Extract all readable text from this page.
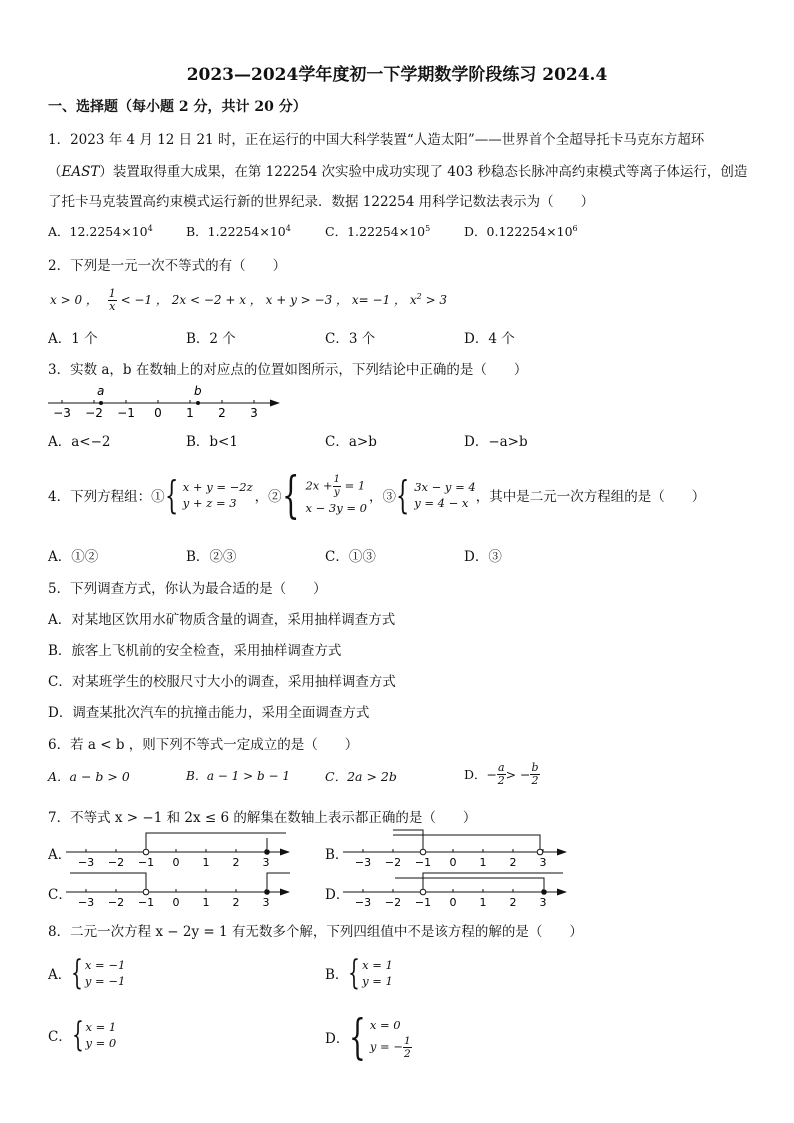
2023—2024学年度初一下学期数学阶段练习 2024.4
一、选择题（每小题 2 分，共计 20 分）
1．2023 年 4 月 12 日 21 时，正在运行的中国大科学装置“人造太阳”——世界首个全超导托卡马克东方超环
（EAST）装置取得重大成果，在第 122254 次实验中成功实现了 403 秒稳态长脉冲高约束模式等离子体运行，创造
了托卡马克装置高约束模式运行新的世界纪录．数据 122254 用科学记数法表示为（　　）
A．$12.2254\times 10^4$	B．$1.22254\times 10^4$	C．$1.22254\times 10^5$	D．$0.122254\times 10^6$
2．下列是一元一次不等式的有（　　）
x > 0 ， $\frac{1}{x} < -1$ ， 2x < −2 + x ， x + y > −3 ， x= −1 ， $x^2 > 3$
A．1 个	B．2 个	C．3 个	D．4 个
3．实数 a，b 在数轴上的对应点的位置如图所示，下列结论中正确的是（　　）
−3 −2 −1 0 1 2 3
a	b
A．a<−2	B．b<1	C．a>b	D．−a>b
4．下列方程组：① { x + y = −2z
y + z = 3	，② { $2x + \frac{1}{y} = 1$
x − 3y = 0
，③ { 3x − y = 4
y = 4 − x ，其中是二元一次方程组的是（　　）
A．①②	B．②③	C．①③	D．③
5．下列调查方式，你认为最合适的是（　　）
A．对某地区饮用水矿物质含量的调查，采用抽样调查方式
B．旅客上飞机前的安全检查，采用抽样调查方式
C．对某班学生的校服尺寸大小的调查，采用抽样调查方式
D．调查某批次汽车的抗撞击能力，采用全面调查方式
6．若 a < b ，则下列不等式一定成立的是（　　）
A．a − b > 0	B．a − 1 > b − 1	C．2a > 2b	D．− $\frac{a}{2}$ > − $\frac{b}{2}$
7．不等式 x > −1 和 2x ≤ 6 的解集在数轴上表示都正确的是（　　）
A．	B．
C．	D．
−3 −2 −1 0 1 2 3	−3 −2 −1 0 1 2 3
−3 −2 −1 0 1 2 3	−3 −2 −1 0 1 2 3
8．二元一次方程 x − 2y = 1 有无数多个解，下列四组值中不是该方程的解的是（　　）
A． { x = −1
y = −1	B． { x = 1
y = 1
C． { x = 1
y = 0	D． { x = 0
y = − $\frac{1}{2}$
